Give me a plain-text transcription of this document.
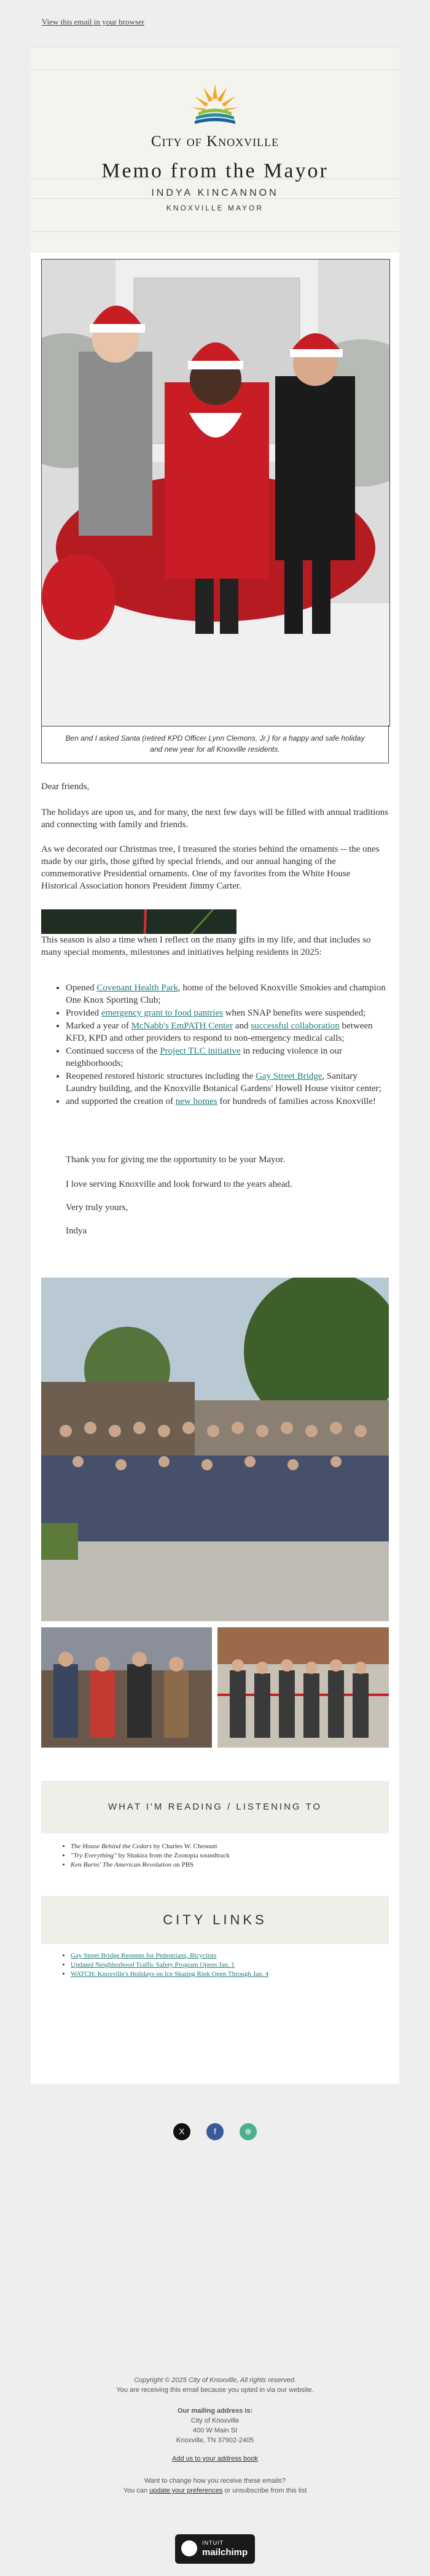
View this email in your browser
City of Knoxville
Memo from the Mayor
INDYA KINCANNON
KNOXVILLE MAYOR
Ben and I asked Santa (retired KPD Officer Lynn Clemons, Jr.) for a happy and safe holiday and new year for all Knoxville residents.
Dear friends,
The holidays are upon us, and for many, the next few days will be filled with annual traditions and connecting with family and friends.
As we decorated our Christmas tree, I treasured the stories behind the ornaments -- the ones made by our girls, those gifted by special friends, and our annual hanging of the commemorative Presidential ornaments. One of my favorites from the White House Historical Association honors President Jimmy Carter.
This season is also a time when I reflect on the many gifts in my life, and that includes so many special moments, milestones and initiatives helping residents in 2025:
• Opened Covenant Health Park, home of the beloved Knoxville Smokies and champion One Knox Sporting Club;
• Provided emergency grant to food pantries when SNAP benefits were suspended;
• Marked a year of McNabb's EmPATH Center and successful collaboration between KFD, KPD and other providers to respond to non-emergency medical calls;
• Continued success of the Project TLC initiative in reducing violence in our neighborhoods;
• Reopened restored historic structures including the Gay Street Bridge, Sanitary Laundry building, and the Knoxville Botanical Gardens' Howell House visitor center;
• and supported the creation of new homes for hundreds of families across Knoxville!
Thank you for giving me the opportunity to be your Mayor.
I love serving Knoxville and look forward to the years ahead.
Very truly yours,
Indya
WHAT I'M READING / LISTENING TO
• The House Behind the Cedars by Charles W. Chesnutt
• "Try Everything" by Shakira from the Zootopia soundtrack
• Ken Burns' The American Revolution on PBS
CITY LINKS
• Gay Street Bridge Reopens for Pedestrians, Bicyclists
• Updated Neighborhood Traffic Safety Program Opens Jan. 1
• WATCH: Knoxville's Holidays on Ice Skating Rink Open Through Jan. 4
X	f	⊕
Copyright © 2025 City of Knoxville, All rights reserved.
You are receiving this email because you opted in via our website.
Our mailing address is:
City of Knoxville
400 W Main St
Knoxville, TN 37902-2405
Add us to your address book
Want to change how you receive these emails?
You can update your preferences or unsubscribe from this list
INTUIT
mailchimp
